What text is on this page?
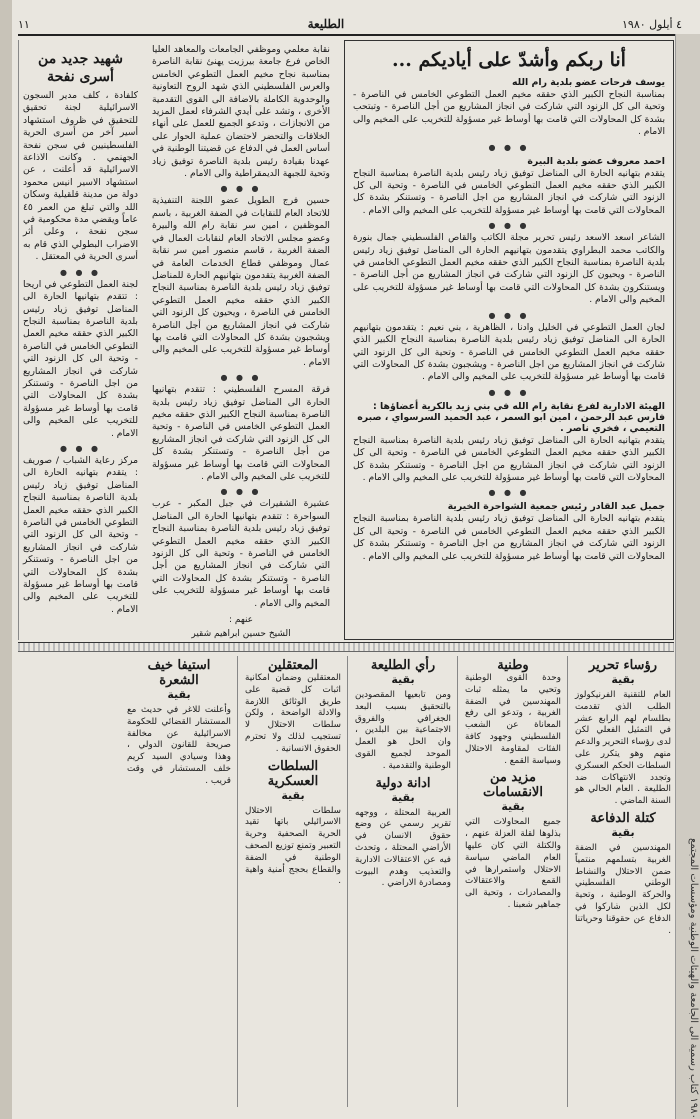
٤ أيلول ١٩٨٠
الطليعة
١١
١٩٨٠ كتاب رسمية الى الجامعة والهيئات الوطنية ومؤسسات المجتمع
أنا ربكم وأشدّ على أياديكم ...
يوسف فرحات عضو بلدية رام الله

بمناسبة النجاح الكبير الذي حققه مخيم العمل التطوعي الخامس في الناصرة - وتحية الى كل الزنود التي شاركت في انجاز المشاريع من أجل الناصرة - وتبتحب بشدة كل المحاولات التي قامت بها أوساط غير مسؤولة للتخريب على المخيم والى الامام .

● ● ●
احمد معروف عضو بلدية البيرة

يتقدم بتهانيه الحارة الى المناضل توفيق زياد رئيس بلدية الناصرة بمناسبة النجاح الكبير الذي حققه مخيم العمل التطوعي الخامس في الناصرة - وتحية الى كل الزنود التي شاركت في انجاز المشاريع من اجل الناصرة - وتستنكر بشدة كل المحاولات التي قامت بها أوساط غير مسؤولة للتخريب على المخيم والى الامام .

● ● ●

الشاعر اسعد الاسعد رئيس تحرير مجلة الكاتب والقاص الفلسطيني جمال بنورة والكاتب محمد البطراوي يتقدمون بتهانيهم الحارة الى المناضل توفيق زياد رئيس بلدية الناصرة بمناسبة النجاح الكبير الذي حققه مخيم العمل التطوعي الخامس في الناصرة - ويحيون كل الزنود التي شاركت في انجاز المشاريع من أجل الناصرة - ويستنكرون بشدة كل المحاولات التي قامت بها أوساط غير مسؤولة للتخريب على المخيم والى الامام .

● ● ●

لجان العمل التطوعي في الخليل وادنا ، الظاهرية ، بني نعيم : يتقدمون بتهانيهم الحارة الى المناضل توفيق زياد رئيس بلدية الناصرة بمناسبة النجاح الكبير الذي حققه مخيم العمل التطوعي الخامس في الناصرة - وتحية الى كل الزنود التي شاركت في انجاز المشاريع من اجل الناصرة - ويشجبون بشدة كل المحاولات التي قامت بها أوساط غير مسؤولة للتخريب على المخيم والى الامام .

● ● ●
الهيئة الادارية لفرع نقابة رام الله في بني زيد بالكرية أعضاؤها : فارس عبد الرحمن ، امين ابو السمر ، عبد الحميد السرسواي ، صبره التعيمي ، فخري ناصر .

يتقدم بتهانيه الحارة الى المناضل توفيق زياد رئيس بلدية الناصرة بمناسبة النجاح الكبير الذي حققه مخيم العمل التطوعي الخامس في الناصرة - وتحية الى كل الزنود التي شاركت في انجاز المشاريع من اجل الناصرة - وتستنكر بشدة كل المحاولات التي قامت بها أوساط غير مسؤولة للتخريب على المخيم والى الامام .

● ● ●
جميل عبد القادر رئيس جمعية الشواحرة الخيرية

يتقدم بتهانيه الحارة الى المناضل توفيق زياد رئيس بلدية الناصرة بمناسبة النجاح الكبير الذي حققه مخيم العمل التطوعي الخامس في الناصرة - وتحية الى كل الزنود التي شاركت في انجاز المشاريع من اجل الناصرة - وتستنكر بشدة كل المحاولات التي قامت بها أوساط غير مسؤولة للتخريب على المخيم والى الامام .

نقابة معلمي وموظفي الجامعات والمعاهد العليا الخاص فرع جامعة بيرزيت يهنئ نقابة الناصرة بمناسبة نجاح مخيم العمل التطوعي الخامس والعرس الفلسطيني الذي شهد الروح التعاونية والوحدوية الكاملة بالاضافة الى القوى التقدمية الأخرى ، وتشد على أيدي الشرفاء لعمل المزيد من الانجازات ، وتدعو الجميع للعمل على أنهاء الخلافات والتحضر لاحتضان عملية الحوار على أساس العمل في الدفاع عن قضيتنا الوطنية في عهدنا بقيادة رئيس بلدية الناصرة توفيق زياد وتحية للجبهة الديمقراطية والى الامام .

● ● ●

حسين فرج الطويل عضو اللجنة التنفيذية للاتحاد العام للنقابات في الضفة الغربية ، باسم الموظفين ، امين سر نقابة رام الله والبيرة وعضو مجلس الاتحاد العام لنقابات العمال في الضفة الغربية ، قاسم منصور امين سر نقابة عمال وموظفي قطاع الخدمات العامة في الضفة الغربية يتقدمون بتهانيهم الحارة للمناضل توفيق زياد رئيس بلدية الناصرة بمناسبة النجاح الكبير الذي حققه مخيم العمل التطوعي الخامس في الناصرة ، ويحيون كل الزنود التي شاركت في انجاز المشاريع من أجل الناصرة ويشجبون بشدة كل المحاولات التي قامت بها أوساط غير مسؤولة للتخريب على المخيم والى الامام .

● ● ●

فرقة المسرح الفلسطيني : تتقدم بتهانيها الحارة الى المناضل توفيق زياد رئيس بلدية الناصرة بمناسبة النجاح الكبير الذي حققه مخيم العمل التطوعي الخامس في الناصرة - وتحية الى كل الزنود التي شاركت في انجاز المشاريع من أجل الناصرة - وتستنكر بشدة كل المحاولات التي قامت بها أوساط غير مسؤولة للتخريب على المخيم والى الامام .

● ● ●

عشيرة الشقيرات في جبل المكبر - عرب السواحرة : تتقدم بتهانيها الحارة الى المناضل توفيق زياد رئيس بلدية الناصرة بمناسبة النجاح الكبير الذي حققه مخيم العمل التطوعي الخامس في الناصرة - وتحية الى كل الزنود التي شاركت في انجاز المشاريع من أجل الناصرة - وتستنكر بشدة كل المحاولات التي قامت بها أوساط غير مسؤولة للتخريب على المخيم والى الامام .

عنهم :
الشيخ حسين ابراهيم شقير

شهيد جديد من أسرى نفحة

كلفادة ، كلف مدير السجون الاسرائيلية لجنة تحقيق للتحقيق في ظروف استشهاد أسير آخر من أسرى الحرية الفلسطينيين في سجن نفحة الجهنمي . وكانت الاذاعة الاسرائيلية قد أعلنت ، عن استشهاد الاسير انيس محمود دولة من مدينة قلقيلية وسكان اللد والتي تبلغ من العمر ٤٥ عاماً ويقضي مدة محكومية في سجن نفحة ، وعلى أثر الاضراب البطولي الذي قام به أسرى الحرية في المعتقل .

● ● ●

لجنة العمل التطوعي في اريحا : تتقدم بتهانيها الحارة الى المناضل توفيق زياد رئيس بلدية الناصرة بمناسبة النجاح الكبير الذي حققه مخيم العمل التطوعي الخامس في الناصرة - وتحية الى كل الزنود التي شاركت في انجاز المشاريع من اجل الناصرة - وتستنكر بشدة كل المحاولات التي قامت بها أوساط غير مسؤولة للتخريب على المخيم والى الامام .

● ● ●

مركز رعاية الشباب / صوريف : يتقدم بتهانيه الحارة الى المناضل توفيق زياد رئيس بلدية الناصرة بمناسبة النجاح الكبير الذي حققه مخيم العمل التطوعي الخامس في الناصرة - وتحية الى كل الزنود التي شاركت في انجاز المشاريع من اجل الناصرة - وتستنكر بشدة كل المحاولات التي قامت بها أوساط غير مسؤولة للتخريب على المخيم والى الامام .

رؤساء تحرير
بقية

العام للتقنية الفرنيكولوز الطلب الذي تقدمت بطلسام لهم الرابع عشر في التمثيل الفعلي لكن لدى رؤساء التحرير والدعم منهم وهو يتكرر على السلطات الحكم العسكري وتجدد الانتهاكات ضد الطليعة . العام الحالي هو السنة الماضي .

كتلة الدفاعة
بقية

المهندسين في الضفة الغربية بتسلمهم منتمياً ضمن الاحتلال والنشاط الوطني الفلسطيني والحركة الوطنية ، وتحية لكل الذين شاركوا في الدفاع عن حقوقنا وحرياتنا .

وطنية

وحدة القوى الوطنية وتحيي ما يمثله ثبات المهندسين في الضفة الغربية ، وتدعو الى رفع المعاناة عن الشعب الفلسطيني وجهود كافة الفئات لمقاومة الاحتلال وسياسة القمع .

مزيد من الانقسامات
بقية

جميع المحاولات التي بذلوها لقلة العزلة عنهم ، والكتلة التي كان عليها العام الماضي سياسة الاحتلال واستمرارها في القمع والاعتقالات والمصادرات ، وتحية الى جماهير شعبنا .

رأي الطليعة
بقية

ومن تابعيها المقصودين بالتحقيق بسبب البعد الجغرافي والفروق الاجتماعية بين البلدين ، وان الحل هو العمل الموحد لجميع القوى الوطنية والتقدمية .

ادانة دولية
بقية

العربية المحتلة ، ووجهه تقرير رسمي عن وضع حقوق الانسان في الأراضي المحتلة ، وتحدث فيه عن الاعتقالات الادارية والتعذيب وهدم البيوت ومصادرة الاراضي .

المعتقلين

المعتقلين وضمان امكانية اثبات كل قضية على طريق الوثائق اللازمة والادلة الواضحة ، ولكن سلطات الاحتلال لا تستجيب لذلك ولا تحترم الحقوق الانسانية .

السلطات العسكرية
بقية

سلطات الاحتلال الاسرائيلي باتها تقيد الحرية الصحفية وحرية التعبير وتمنع توزيع الصحف الوطنية في الضفة والقطاع بحجج أمنية واهية .

استيفا خيف الشعرة
بقية

وأعلنت للاغر في حديث مع المستشار القضائي للحكومة الاسرائيلية عن مخالفة صريحة للقانون الدولي ، وهذا وسيادي السيد كريم خلف المستشار في وقت قريب .
